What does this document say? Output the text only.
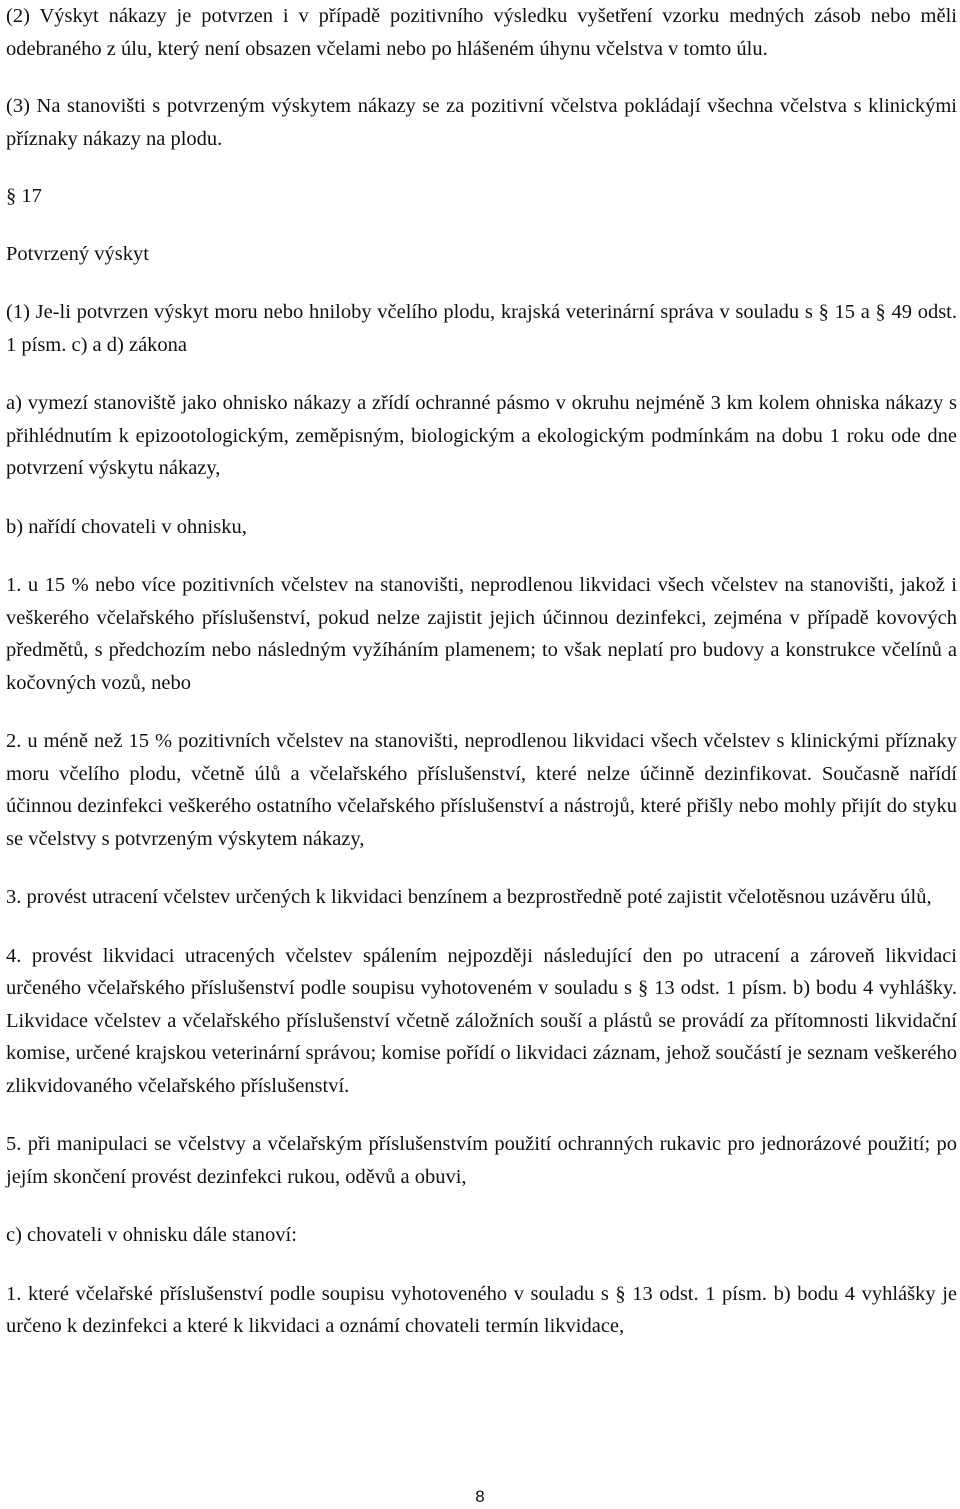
(2) Výskyt nákazy je potvrzen i v případě pozitivního výsledku vyšetření vzorku medných zásob nebo měli odebraného z úlu, který není obsazen včelami nebo po hlášeném úhynu včelstva v tomto úlu.

(3) Na stanovišti s potvrzeným výskytem nákazy se za pozitivní včelstva pokládají všechna včelstva s klinickými příznaky nákazy na plodu.

§ 17

Potvrzený výskyt

(1) Je-li potvrzen výskyt moru nebo hniloby včelího plodu, krajská veterinární správa v souladu s § 15 a § 49 odst. 1 písm. c) a d) zákona

a) vymezí stanoviště jako ohnisko nákazy a zřídí ochranné pásmo v okruhu nejméně 3 km kolem ohniska nákazy s přihlédnutím k epizootologickým, zeměpisným, biologickým a ekologickým podmínkám na dobu 1 roku ode dne potvrzení výskytu nákazy,

b) nařídí chovateli v ohnisku,

1. u 15 % nebo více pozitivních včelstev na stanovišti, neprodlenou likvidaci všech včelstev na stanovišti, jakož i veškerého včelařského příslušenství, pokud nelze zajistit jejich účinnou dezinfekci, zejména v případě kovových předmětů, s předchozím nebo následným vyžíháním plamenem; to však neplatí pro budovy a konstrukce včelínů a kočovných vozů, nebo

2. u méně než 15 % pozitivních včelstev na stanovišti, neprodlenou likvidaci všech včelstev s klinickými příznaky moru včelího plodu, včetně úlů a včelařského příslušenství, které nelze účinně dezinfikovat. Současně nařídí účinnou dezinfekci veškerého ostatního včelařského příslušenství a nástrojů, které přišly nebo mohly přijít do styku se včelstvy s potvrzeným výskytem nákazy,

3. provést utracení včelstev určených k likvidaci benzínem a bezprostředně poté zajistit včelotěsnou uzávěru úlů,

4. provést likvidaci utracených včelstev spálením nejpozději následující den po utracení a zároveň likvidaci určeného včelařského příslušenství podle soupisu vyhotoveném v souladu s § 13 odst. 1 písm. b) bodu 4 vyhlášky. Likvidace včelstev a včelařského příslušenství včetně záložních souší a plástů se provádí za přítomnosti likvidační komise, určené krajskou veterinární správou; komise pořídí o likvidaci záznam, jehož součástí je seznam veškerého zlikvidovaného včelařského příslušenství.

5. při manipulaci se včelstvy a včelařským příslušenstvím použití ochranných rukavic pro jednorázové použití; po jejím skončení provést dezinfekci rukou, oděvů a obuvi,

c) chovateli v ohnisku dále stanoví:

1. které včelařské příslušenství podle soupisu vyhotoveného v souladu s § 13 odst. 1 písm. b) bodu 4 vyhlášky je určeno k dezinfekci a které k likvidaci a oznámí chovateli termín likvidace,

8
